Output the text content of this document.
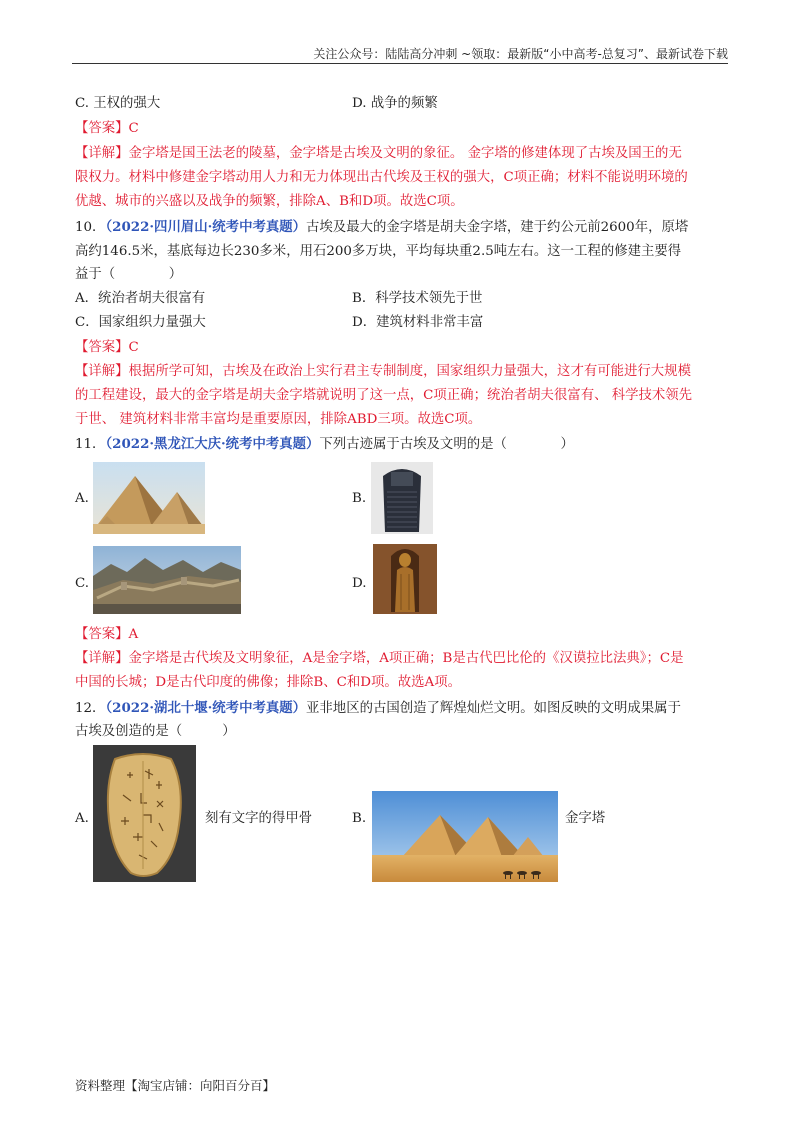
关注公众号：陆陆高分冲刺 ~领取：最新版“小中高考-总复习”、最新试卷下载
C. 王权的强大	D. 战争的频繁
【答案】C
【详解】金字塔是国王法老的陵墓，金字塔是古埃及文明的象征。 金字塔的修建体现了古埃及国王的无
限权力。材料中修建金字塔动用人力和无力体现出古代埃及王权的强大，C项正确；材料不能说明环境的
优越、城市的兴盛以及战争的频繁，排除A、B和D项。故选C项。
10．（2022·四川眉山·统考中考真题）古埃及最大的金字塔是胡夫金字塔，建于约公元前2600年，原塔
高约146.5米，基底每边长230多米，用石200多万块，平均每块重2.5吨左右。这一工程的修建主要得
益于（　　　　）
A．统治者胡夫很富有	B．科学技术领先于世
C．国家组织力量强大	D．建筑材料非常丰富
【答案】C
【详解】根据所学可知，古埃及在政治上实行君主专制制度，国家组织力量强大，这才有可能进行大规模
的工程建设，最大的金字塔是胡夫金字塔就说明了这一点，C项正确；统治者胡夫很富有、 科学技术领先
于世、 建筑材料非常丰富均是重要原因，排除ABD三项。故选C项。
11．（2022·黑龙江大庆·统考中考真题）下列古迹属于古埃及文明的是（　　　　）
A.	B.
C.	D.
【答案】A
【详解】金字塔是古代埃及文明象征，A是金字塔，A项正确；B是古代巴比伦的《汉谟拉比法典》；C是
中国的长城；D是古代印度的佛像；排除B、C和D项。故选A项。
12．（2022·湖北十堰·统考中考真题）亚非地区的古国创造了辉煌灿烂文明。如图反映的文明成果属于
古埃及创造的是（　　　）
A.	刻有文字的得甲骨	B.	金字塔
资料整理【淘宝店铺：向阳百分百】
